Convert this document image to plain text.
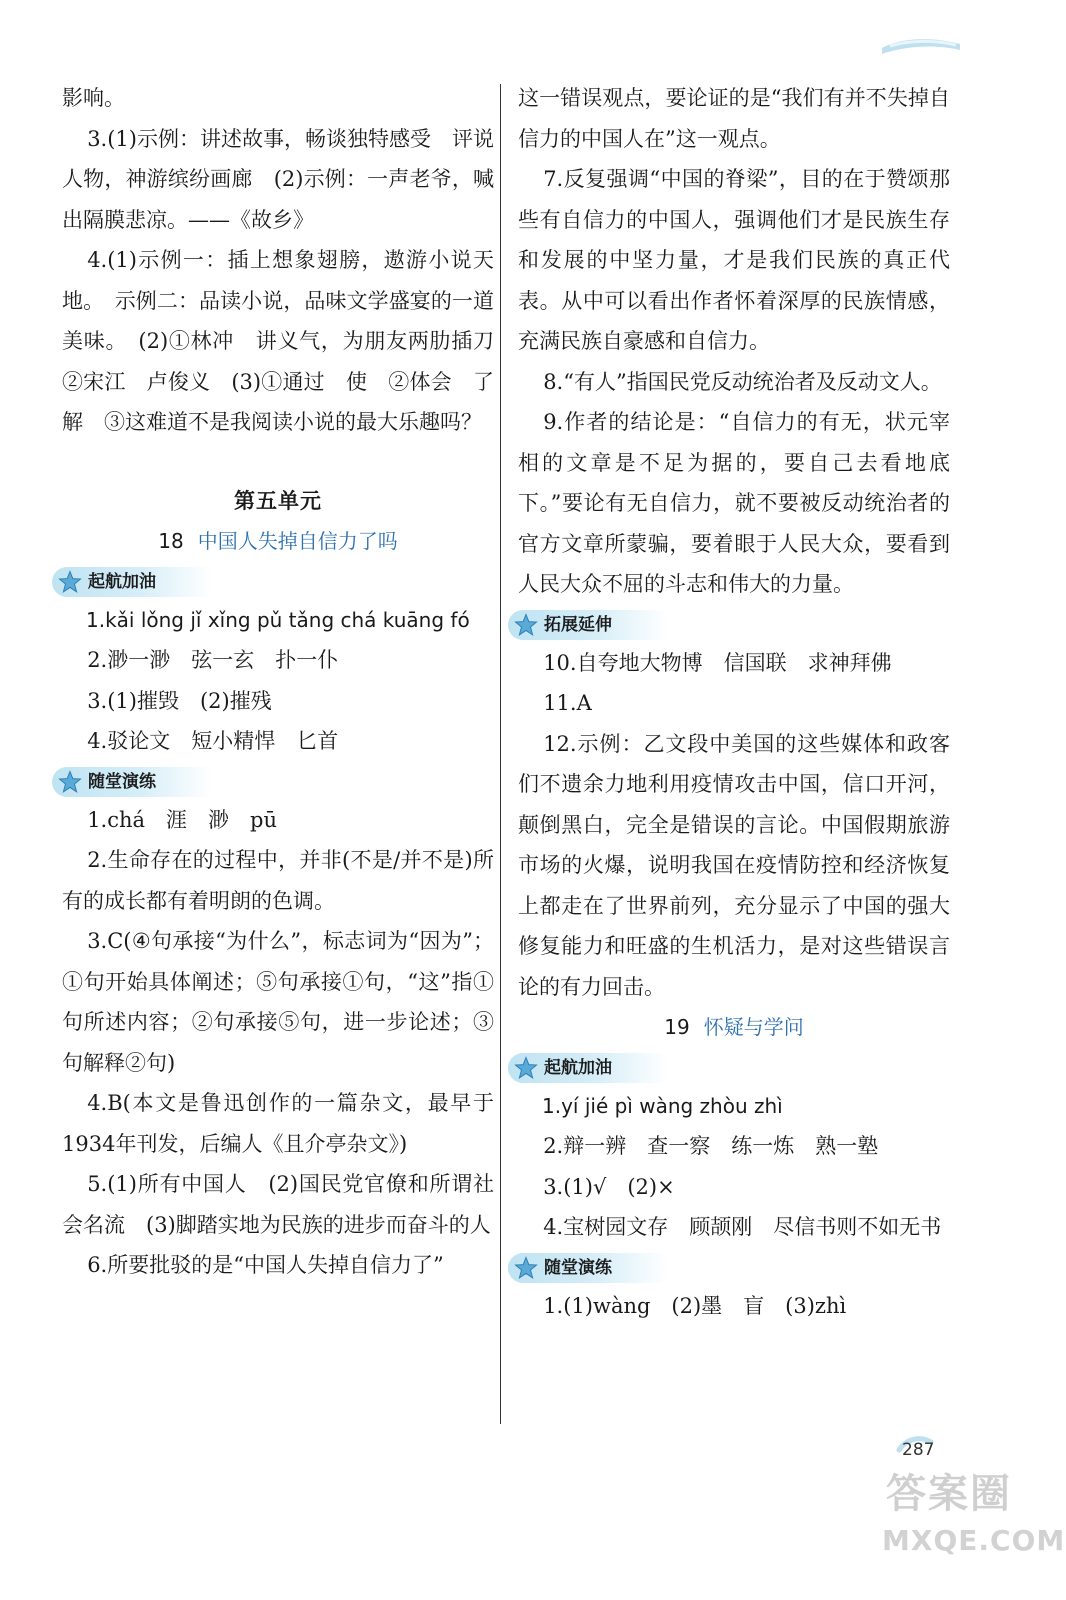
影响。

3.(1)示例：讲述故事，畅谈独特感受　评说人物，神游缤纷画廊　(2)示例：一声老爷，喊出隔膜悲凉。——《故乡》

4.(1)示例一：插上想象翅膀，遨游小说天地。　示例二：品读小说，品味文学盛宴的一道美味。　(2)①林冲　讲义气，为朋友两肋插刀　②宋江　卢俊义　(3)①通过　使　②体会　了解　③这难道不是我阅读小说的最大乐趣吗？

第五单元
18 中国人失掉自信力了吗
起航加油

1.kǎi lǒng jǐ xǐng pǔ tǎng chá kuāng fó

2.渺一渺　弦一玄　扑一仆

3.(1)摧毁　(2)摧残

4.驳论文　短小精悍　匕首

随堂演练

1.chá　涯　渺　pū

2.生命存在的过程中，并非(不是/并不是)所有的成长都有着明朗的色调。

3.C(④句承接“为什么”，标志词为“因为”；①句开始具体阐述；⑤句承接①句，“这”指①句所述内容；②句承接⑤句，进一步论述；③句解释②句)

4.B(本文是鲁迅创作的一篇杂文，最早于1934年刊发，后编人《且介亭杂文》)

5.(1)所有中国人　(2)国民党官僚和所谓社会名流　(3)脚踏实地为民族的进步而奋斗的人

6.所要批驳的是“中国人失掉自信力了”

这一错误观点，要论证的是“我们有并不失掉自信力的中国人在”这一观点。

7.反复强调“中国的脊梁”，目的在于赞颂那些有自信力的中国人，强调他们才是民族生存和发展的中坚力量，才是我们民族的真正代表。从中可以看出作者怀着深厚的民族情感，充满民族自豪感和自信力。

8.“有人”指国民党反动统治者及反动文人。

9.作者的结论是：“自信力的有无，状元宰相的文章是不足为据的，要自己去看地底下。”要论有无自信力，就不要被反动统治者的官方文章所蒙骗，要着眼于人民大众，要看到人民大众不屈的斗志和伟大的力量。

拓展延伸

10.自夸地大物博　信国联　求神拜佛

11.A

12.示例：乙文段中美国的这些媒体和政客们不遗余力地利用疫情攻击中国，信口开河，颠倒黑白，完全是错误的言论。中国假期旅游市场的火爆，说明我国在疫情防控和经济恢复上都走在了世界前列，充分显示了中国的强大修复能力和旺盛的生机活力，是对这些错误言论的有力回击。

19 怀疑与学问
起航加油

1.yí jié pì wàng zhòu zhì

2.辩一辨　查一察　练一炼　熟一塾

3.(1)√　(2)×

4.宝树园文存　顾颉刚　尽信书则不如无书

随堂演练

1.(1)wàng　(2)墨　盲　(3)zhì

287
答案圈
MXQE.COM
